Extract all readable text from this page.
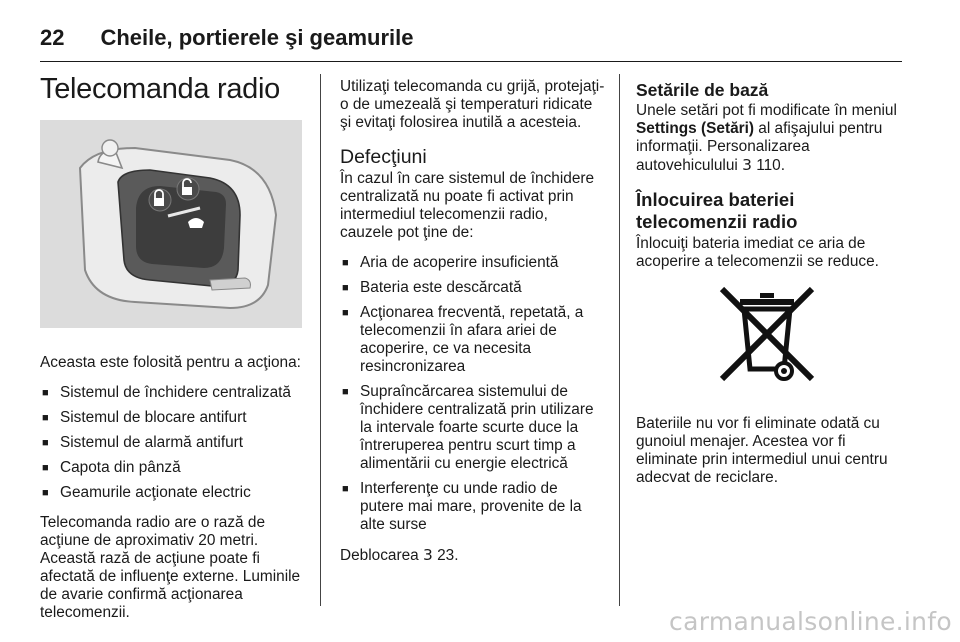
22 Cheile, portierele şi geamurile
Telecomanda radio

Aceasta este folosită pentru a acţiona:

■ Sistemul de închidere centralizată
■ Sistemul de blocare antifurt
■ Sistemul de alarmă antifurt
■ Capota din pânză
■ Geamurile acţionate electric

Telecomanda radio are o rază de acţiune de aproximativ 20 metri. Această rază de acţiune poate fi afectată de influenţe externe. Luminile de avarie confirmă acţionarea telecomenzii.

Utilizaţi telecomanda cu grijă, protejaţi-o de umezeală şi temperaturi ridicate şi evitaţi folosirea inutilă a acesteia.

Defecţiuni

În cazul în care sistemul de închidere centralizată nu poate fi activat prin intermediul telecomenzii radio, cauzele pot ţine de:

■ Aria de acoperire insuficientă
■ Bateria este descărcată
■ Acţionarea frecventă, repetată, a telecomenzii în afara ariei de acoperire, ce va necesita resincronizarea
■ Supraîncărcarea sistemului de închidere centralizată prin utilizare la intervale foarte scurte duce la întreruperea pentru scurt timp a alimentării cu energie electrică
■ Interferenţe cu unde radio de putere mai mare, provenite de la alte surse

Deblocarea 3 23.

Setările de bază

Unele setări pot fi modificate în meniul Settings (Setări) al afişajului pentru informaţii. Personalizarea autovehiculului 3 110.

Înlocuirea bateriei telecomenzii radio

Înlocuiţi bateria imediat ce aria de acoperire a telecomenzii se reduce.

Bateriile nu vor fi eliminate odată cu gunoiul menajer. Acestea vor fi eliminate prin intermediul unui centru adecvat de reciclare.

carmanualsonline.info
